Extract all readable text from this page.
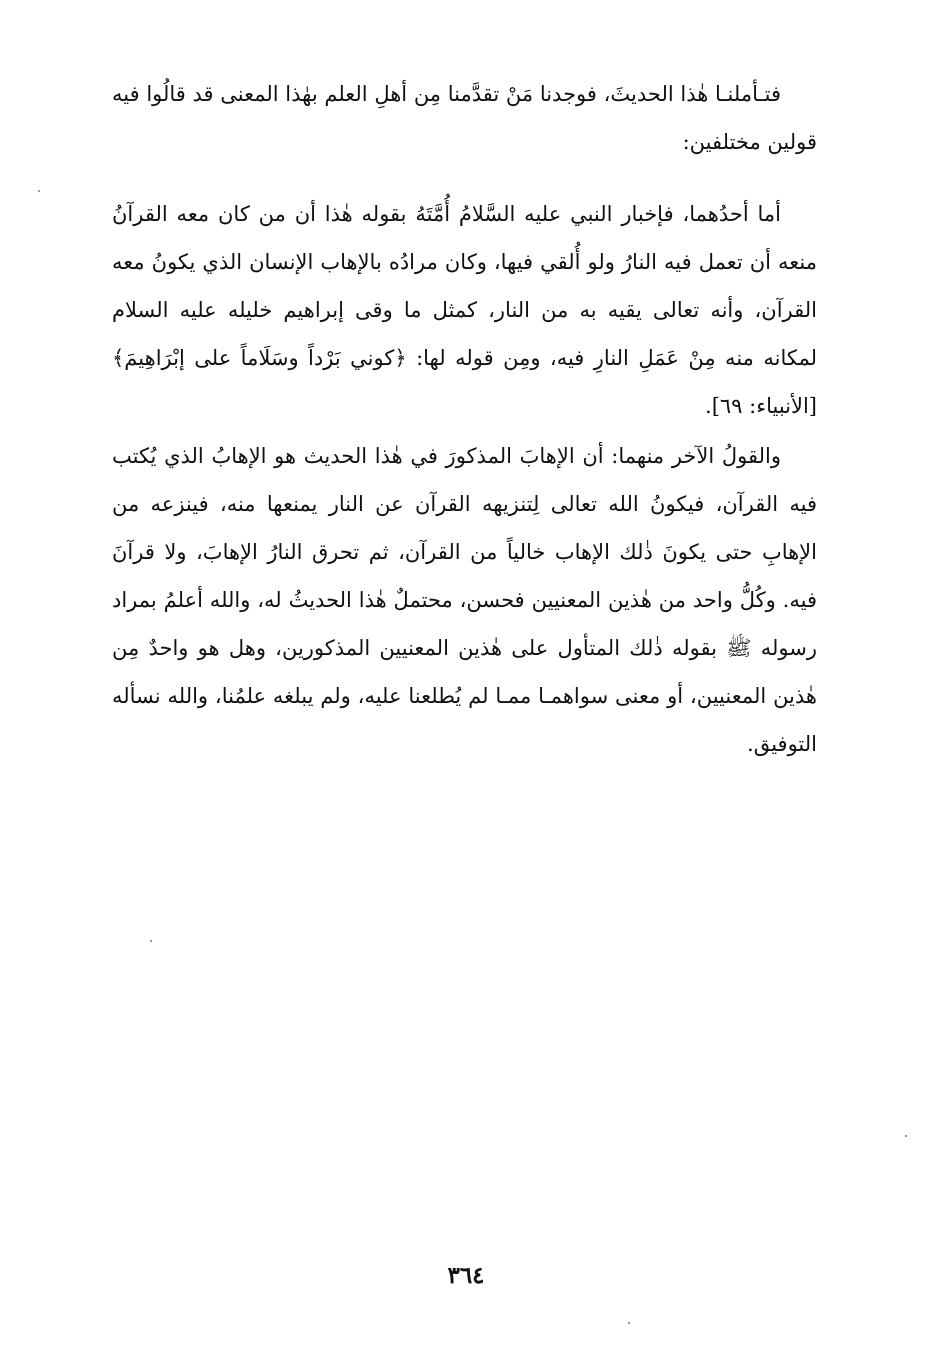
فتـأملنـا هٰذا الحديثَ، فوجدنا مَنْ تقدَّمنا مِن أهلِ العلم بهٰذا المعنى قد قالُوا فيه قولين مختلفين:

أما أحدُهما، فإخبار النبي عليه السَّلامُ أُمَّتَهُ بقوله هٰذا أن من كان معه القرآنُ منعه أن تعمل فيه النارُ ولو أُلقي فيها، وكان مرادُه بالإهاب الإنسان الذي يكونُ معه القرآن، وأنه تعالى يقيه به من النار، كمثل ما وقى إبراهيم خليله عليه السلام لمكانه منه مِنْ عَمَلِ النارِ فيه، ومِن قوله لها: ﴿كوني بَرْداً وسَلَاماً على إبْرَاهِيمَ﴾[الأنبياء: ٦٩].

والقولُ الآخر منهما: أن الإهابَ المذكورَ في هٰذا الحديث هو الإهابُ الذي يُكتب فيه القرآن، فيكونُ الله تعالى لِتنزيهه القرآن عن النار يمنعها منه، فينزعه من الإهابِ حتى يكونَ ذٰلك الإهاب خالياً من القرآن، ثم تحرق النارُ الإهابَ، ولا قرآنَ فيه. وكُلُّ واحد من هٰذين المعنيين فحسن، محتملٌ هٰذا الحديثُ له، والله أعلمُ بمراد رسوله ﷺ بقوله ذٰلك المتأول على هٰذين المعنيين المذكورين، وهل هو واحدٌ مِن هٰذين المعنيين، أو معنى سواهمـا ممـا لم يُطلعنا عليه، ولم يبلغه علمُنا، والله نسأله التوفيق.

٣٦٤
